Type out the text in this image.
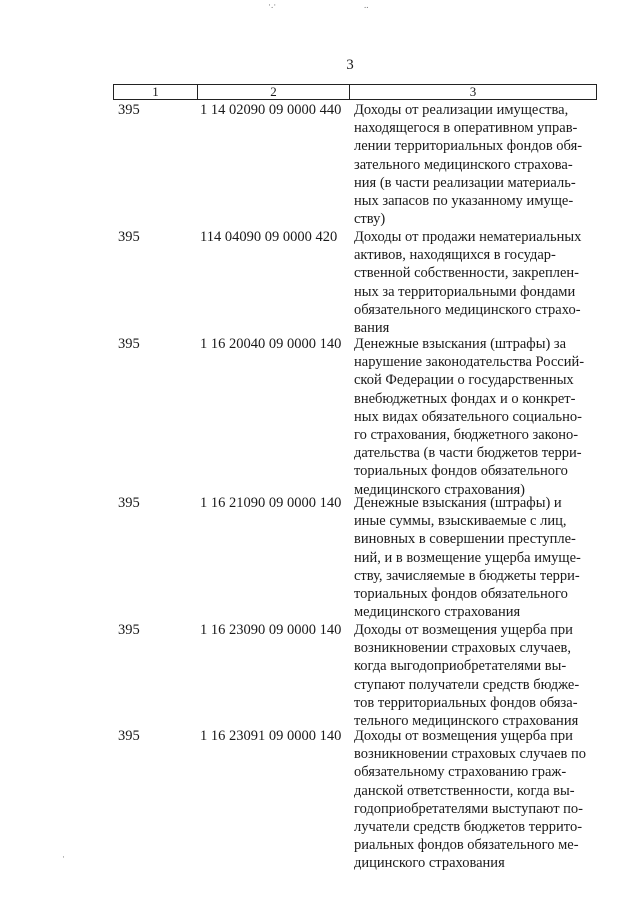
·.·	..
3
1	2	3
395	1 14 02090 09 0000 440 Доходы от реализации имущества,
находящегося в оперативном управ-
лении территориальных фондов обя-
зательного медицинского страхова-
ния (в части реализации материаль-
ных запасов по указанному имуще-
ству)
395	114 04090 09 0000 420 Доходы от продажи нематериальных
активов, находящихся в государ-
ственной собственности, закреплен-
ных за территориальными фондами
обязательного медицинского страхо-
вания
395	1 16 20040 09 0000 140 Денежные взыскания (штрафы) за
нарушение законодательства Россий-
ской Федерации о государственных
внебюджетных фондах и о конкрет-
ных видах обязательного социально-
го страхования, бюджетного законо-
дательства (в части бюджетов терри-
ториальных фондов обязательного
медицинского страхования)
395	1 16 21090 09 0000 140 Денежные взыскания (штрафы) и
иные суммы, взыскиваемые с лиц,
виновных в совершении преступле-
ний, и в возмещение ущерба имуще-
ству, зачисляемые в бюджеты терри-
ториальных фондов обязательного
медицинского страхования
395	1 16 23090 09 0000 140 Доходы от возмещения ущерба при
возникновении страховых случаев,
когда выгодоприобретателями вы-
ступают получатели средств бюдже-
тов территориальных фондов обяза-
тельного медицинского страхования
395	1 16 23091 09 0000 140 Доходы от возмещения ущерба при
возникновении страховых случаев по
обязательному страхованию граж-
данской ответственности, когда вы-
годоприобретателями выступают по-
лучатели средств бюджетов террито-
риальных фондов обязательного ме-
дицинского страхования
·
